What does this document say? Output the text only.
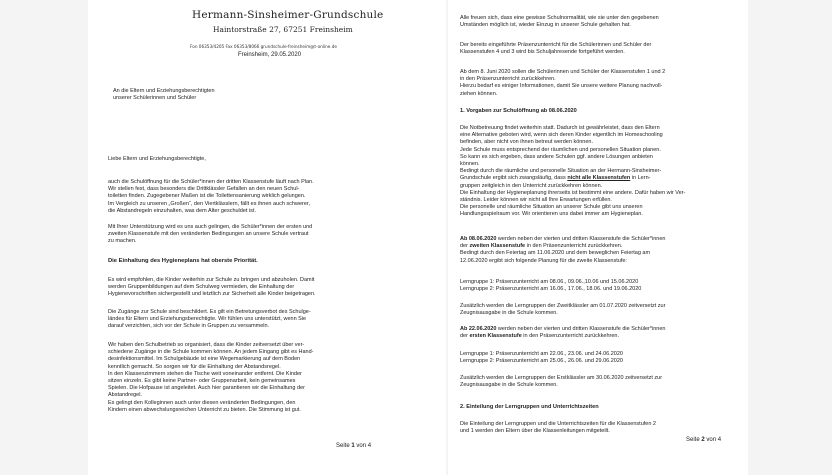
Hermann-Sinsheimer-Grundschule
Haintorstraße 27, 67251 Freinsheim
Fon 06353/4205 Fax 06353/8066 grundschule-freinsheim@t-online.de
Freinsheim, 29.05.2020
An die Eltern und Erziehungsberechtigten
unserer Schülerinnen und Schüler
Liebe Eltern und Erziehungsberechtigte,
auch die Schulöffnung für die Schüler*innen der dritten Klassenstufe läuft nach Plan.
Wir stellen fest, dass besonders die Drittklässler Gefallen an den neuen Schul-
toiletten finden. Zugegebener Maßen ist die Toilettensanierung wirklich gelungen.
Im Vergleich zu unseren „Großen“, den Viertklässlern, fällt es ihnen auch schwerer,
die Abstandregeln einzuhalten, was dem Alter geschuldet ist.
Mit Ihrer Unterstützung wird es uns auch gelingen, die Schüler*innen der ersten und
zweiten Klassenstufe mit den veränderten Bedingungen an unsere Schule vertraut
zu machen.
Die Einhaltung des Hygieneplans hat oberste Priorität.
Es wird empfohlen, die Kinder weiterhin zur Schule zu bringen und abzuholen. Damit
werden Gruppenbildungen auf dem Schulweg vermieden, die Einhaltung der
Hygienevorschriften sichergestellt und letztlich zur Sicherheit alle Kinder beigetragen.
Die Zugänge zur Schule sind beschildert. Es gilt ein Betretungsverbot des Schulge-
ländes für Eltern und Erziehungsberechtigte. Wir fühlen uns unterstützt, wenn Sie
darauf verzichten, sich vor der Schule in Gruppen zu versammeln.
Wir haben den Schulbetrieb so organisiert, dass die Kinder zeitversetzt über ver-
schiedene Zugänge in die Schule kommen können. An jedem Eingang gibt es Hand-
desinfektionsmittel. Im Schulgebäude ist eine Wegemarkierung auf dem Boden
kenntlich gemacht. So sorgen wir für die Einhaltung der Abstandsregel.
In den Klassenzimmern stehen die Tische weit voneinander entfernt. Die Kinder
sitzen einzeln. Es gibt keine Partner- oder Gruppenarbeit, kein gemeinsames
Spielen. Die Hofpause ist angeleitet. Auch hier garantieren wir die Einhaltung der
Abstandregel.
Es gelingt den Kolleginnen auch unter diesen veränderten Bedingungen, den
Kindern einen abwechslungsreichen Unterricht zu bieten. Die Stimmung ist gut.
Seite 1 von 4
Alle freuen sich, dass eine gewisse Schulnormalität, wie sie unter den gegebenen
Umständen möglich ist, wieder Einzug in unserer Schule gehalten hat.
Der bereits eingeführte Präsenzunterricht für die Schülerinnen und Schüler der
Klassenstufen 4 und 3 wird bis Schuljahresende fortgeführt werden.
Ab dem 8. Juni 2020 sollen die Schülerinnen und Schüler der Klassenstufen 1 und 2
in den Präsenzunterricht zurückkehren.
Hierzu bedarf es einiger Informationen, damit Sie unsere weitere Planung nachvoll-
ziehen können.
1. Vorgaben zur Schulöffnung ab 08.06.2020
Die Notbetreuung findet weiterhin statt. Dadurch ist gewährleistet, dass den Eltern
eine Alternative geboten wird, wenn sich deren Kinder eigentlich im Homeschooling
befinden, aber nicht von ihnen betreut werden können.
Jede Schule muss entsprechend der räumlichen und personellen Situation planen.
So kann es sich ergeben, dass andere Schulen ggf. andere Lösungen anbieten
können.
Bedingt durch die räumliche und personelle Situation an der Hermann-Sinsheimer-
Grundschule ergibt sich zwangsläufig, dass nicht alle Klassenstufen in Lern-
gruppen zeitgleich in den Unterricht zurückkehren können.
Die Einhaltung der Hygieneplanung ihrerseits ist bestimmt eine andere. Dafür haben wir Ver-
ständnis. Leider können wir nicht all Ihre Erwartungen erfüllen.
Die personelle und räumliche Situation an unserer Schule gibt uns unseren
Handlungsspielraum vor. Wir orientieren uns dabei immer am Hygieneplan.
Ab 08.06.2020 werden neben der vierten und dritten Klassenstufe die Schüler*innen
der zweiten Klassenstufe in den Präsenzunterricht zurückkehren.
Bedingt durch den Feiertag am 11.06.2020 und dem beweglichen Feiertag am
12.06.2020 ergibt sich folgende Planung für die zweite Klassenstufe:
Lerngruppe 1: Präsenzunterricht am 08.06., 09.06.,10.06 und 15.06.2020
Lerngruppe 2: Präsenzunterricht am 16.06., 17.06., 18.06. und 19.06.2020
Zusätzlich werden die Lerngruppen der Zweitklässler am 01.07.2020 zeitversetzt zur
Zeugnisausgabe in die Schule kommen.
Ab 22.06.2020 werden neben der vierten und dritten Klassenstufe die Schüler*innen
der ersten Klassenstufe in den Präsenzunterricht zurückkehren.
Lerngruppe 1: Präsenzunterricht am 22.06., 23.06. und 24.06.2020
Lerngruppe 2: Präsenzunterricht am 25.06., 26.06. und 29.06.2020
Zusätzlich werden die Lerngruppen der Erstklässler am 30.06.2020 zeitversetzt zur
Zeugnisausgabe in die Schule kommen.
2. Einteilung der Lerngruppen und Unterrichtszeiten
Die Einteilung der Lerngruppen und die Unterrichtszeiten für die Klassenstufen 2
und 1 werden den Eltern über die Klassenleitungen mitgeteilt.
Seite 2 von 4
